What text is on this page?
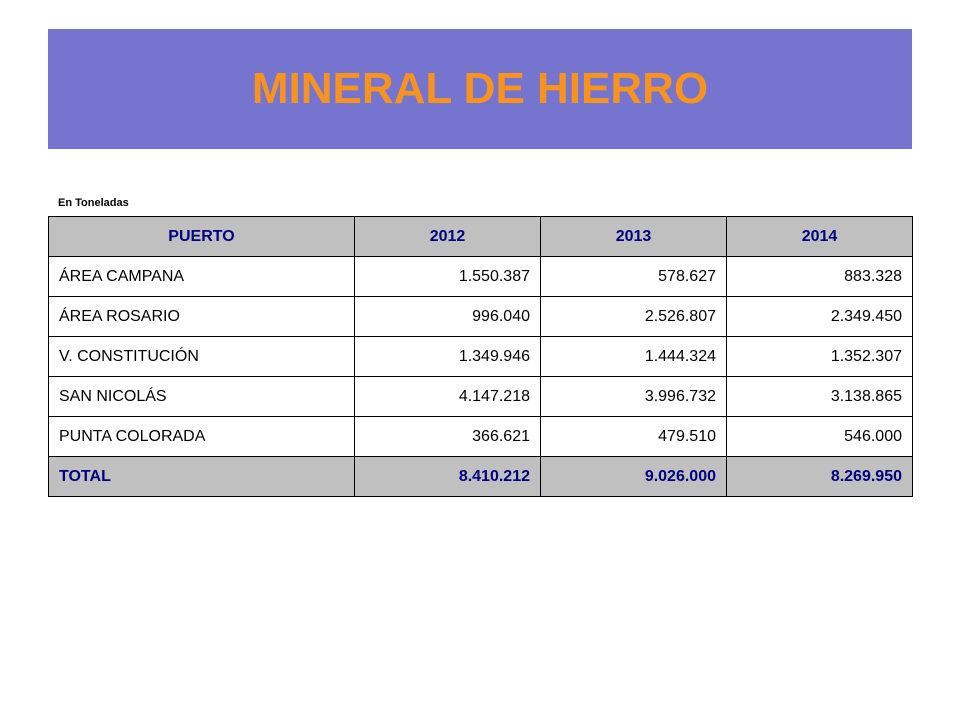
MINERAL DE HIERRO
En Toneladas
PUERTO	2012	2013	2014
ÁREA CAMPANA	1.550.387	578.627	883.328
ÁREA ROSARIO	996.040	2.526.807	2.349.450
V. CONSTITUCIÓN	1.349.946	1.444.324	1.352.307
SAN NICOLÁS	4.147.218	3.996.732	3.138.865
PUNTA COLORADA	366.621	479.510	546.000
TOTAL	8.410.212	9.026.000	8.269.950
